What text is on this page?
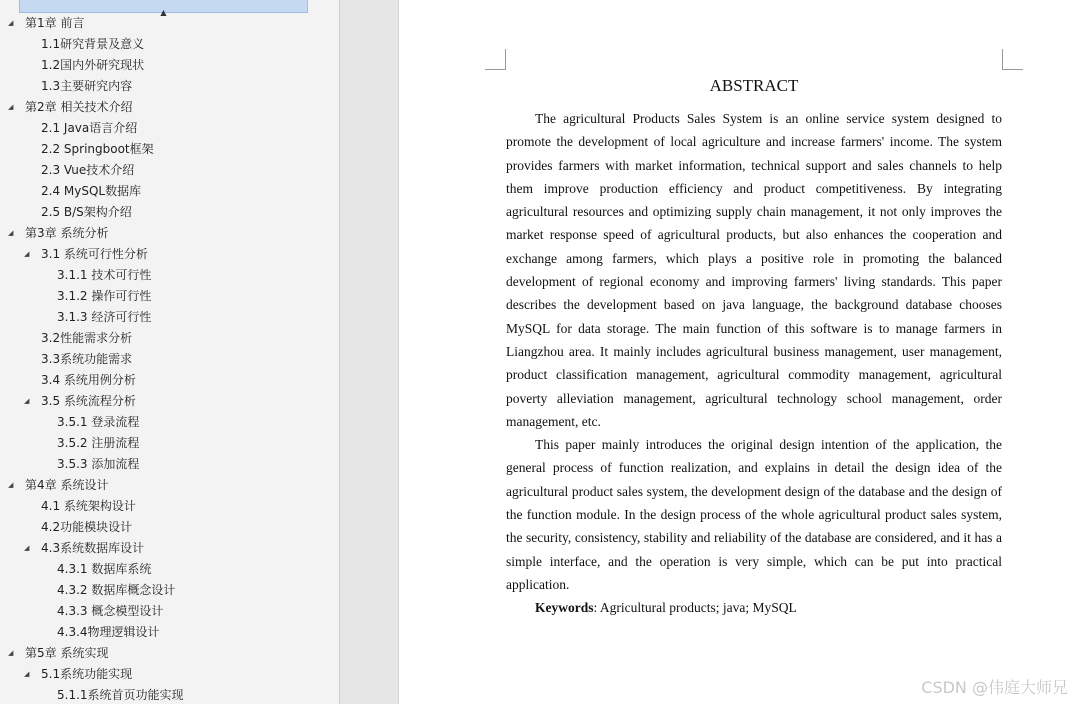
▲
◢ 第1章 前言
1.1研究背景及意义
1.2国内外研究现状
1.3主要研究内容
◢ 第2章 相关技术介绍
2.1 Java语言介绍
2.2 Springboot框架
2.3 Vue技术介绍
2.4 MySQL数据库
2.5 B/S架构介绍
◢ 第3章 系统分析
◢ 3.1 系统可行性分析
3.1.1 技术可行性
3.1.2 操作可行性
3.1.3 经济可行性
3.2性能需求分析
3.3系统功能需求
3.4 系统用例分析
◢ 3.5 系统流程分析
3.5.1 登录流程
3.5.2 注册流程
3.5.3 添加流程
◢ 第4章 系统设计
4.1 系统架构设计
4.2功能模块设计
◢ 4.3系统数据库设计
4.3.1 数据库系统
4.3.2 数据库概念设计
4.3.3 概念模型设计
4.3.4物理逻辑设计
◢ 第5章 系统实现
◢ 5.1系统功能实现
5.1.1系统首页功能实现
ABSTRACT

The agricultural Products Sales System is an online service system designed to promote the development of local agriculture and increase farmers' income. The system provides farmers with market information, technical support and sales channels to help them improve production efficiency and product competitiveness. By integrating agricultural resources and optimizing supply chain management, it not only improves the market response speed of agricultural products, but also enhances the cooperation and exchange among farmers, which plays a positive role in promoting the balanced development of regional economy and improving farmers' living standards. This paper describes the development based on java language, the background database chooses MySQL for data storage. The main function of this software is to manage farmers in Liangzhou area. It mainly includes agricultural business management, user management, product classification management, agricultural commodity management, agricultural poverty alleviation management, agricultural technology school management, order management, etc.

This paper mainly introduces the original design intention of the application, the general process of function realization, and explains in detail the design idea of the agricultural product sales system, the development design of the database and the design of the function module. In the design process of the whole agricultural product sales system, the security, consistency, stability and reliability of the database are considered, and it has a simple interface, and the operation is very simple, which can be put into practical application.

Keywords: Agricultural products; java; MySQL

CSDN @伟庭大师兄
